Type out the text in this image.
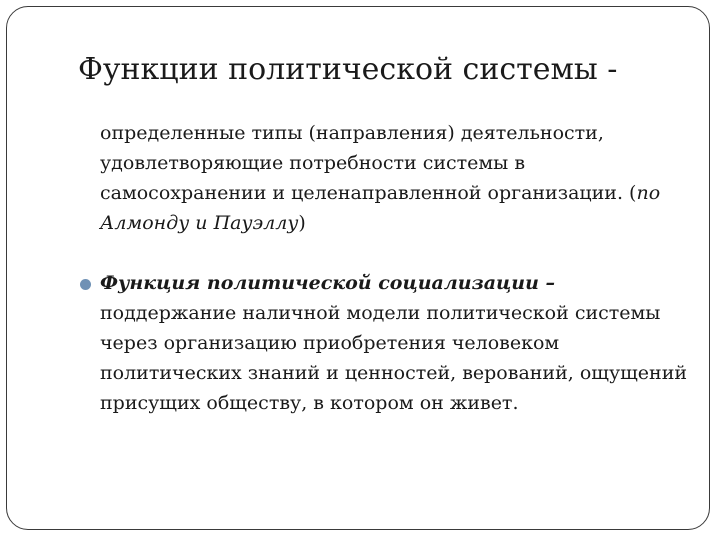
Функции политической системы -

определенные типы (направления) деятельности, удовлетворяющие потребности системы в самосохранении и целенаправленной организации. (по Алмонду и Пауэллу)

Функция политической социализации – поддержание наличной модели политической системы через организацию приобретения человеком политических знаний и ценностей, верований, ощущений присущих обществу, в котором он живет.
